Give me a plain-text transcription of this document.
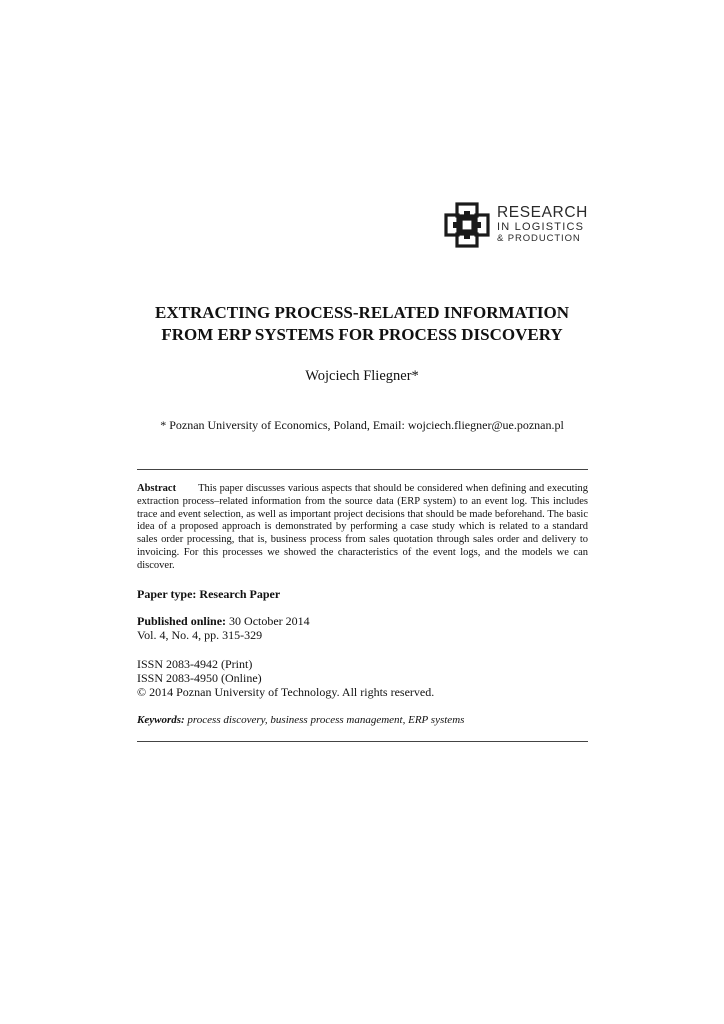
RESEARCH
IN LOGISTICS
& PRODUCTION
EXTRACTING PROCESS-RELATED INFORMATION
FROM ERP SYSTEMS FOR PROCESS DISCOVERY

Wojciech Fliegner*

* Poznan University of Economics, Poland, Email: wojciech.fliegner@ue.poznan.pl

Abstract This paper discusses various aspects that should be considered when defining and executing extraction process–related information from the source data (ERP system) to an event log. This includes trace and event selection, as well as important project decisions that should be made beforehand. The basic idea of a proposed approach is demonstrated by performing a case study which is related to a standard sales order processing, that is, business process from sales quotation through sales order and delivery to invoicing. For this processes we showed the characteristics of the event logs, and the models we can discover.

Paper type: Research Paper

Published online: 30 October 2014
Vol. 4, No. 4, pp. 315-329

ISSN 2083-4942 (Print)
ISSN 2083-4950 (Online)
© 2014 Poznan University of Technology. All rights reserved.

Keywords: process discovery, business process management, ERP systems
